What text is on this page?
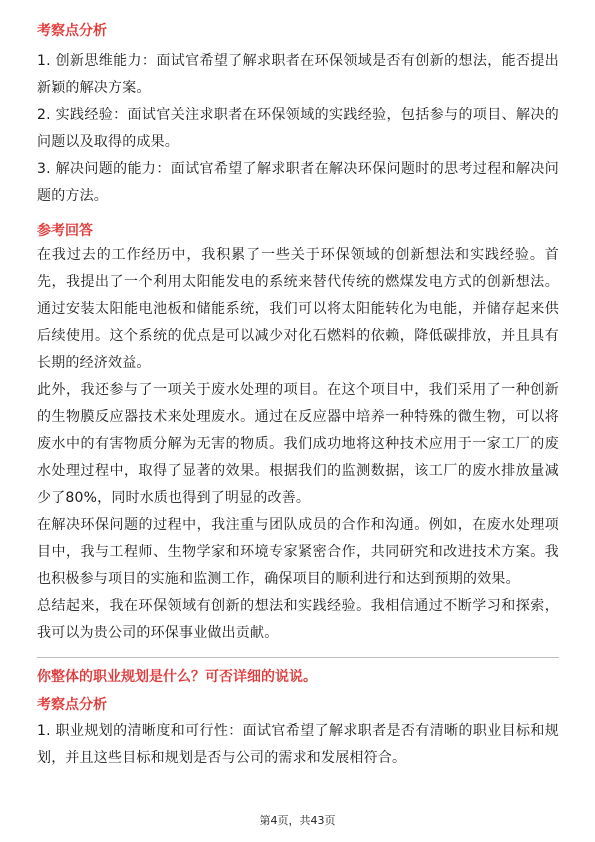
考察点分析

1. 创新思维能力：面试官希望了解求职者在环保领域是否有创新的想法，能否提出新颖的解决方案。

2. 实践经验：面试官关注求职者在环保领域的实践经验，包括参与的项目、解决的问题以及取得的成果。

3. 解决问题的能力：面试官希望了解求职者在解决环保问题时的思考过程和解决问题的方法。

参考回答

在我过去的工作经历中，我积累了一些关于环保领域的创新想法和实践经验。首先，我提出了一个利用太阳能发电的系统来替代传统的燃煤发电方式的创新想法。通过安装太阳能电池板和储能系统，我们可以将太阳能转化为电能，并储存起来供后续使用。这个系统的优点是可以减少对化石燃料的依赖，降低碳排放，并且具有长期的经济效益。

此外，我还参与了一项关于废水处理的项目。在这个项目中，我们采用了一种创新的生物膜反应器技术来处理废水。通过在反应器中培养一种特殊的微生物，可以将废水中的有害物质分解为无害的物质。我们成功地将这种技术应用于一家工厂的废水处理过程中，取得了显著的效果。根据我们的监测数据，该工厂的废水排放量减少了80%，同时水质也得到了明显的改善。

在解决环保问题的过程中，我注重与团队成员的合作和沟通。例如，在废水处理项目中，我与工程师、生物学家和环境专家紧密合作，共同研究和改进技术方案。我也积极参与项目的实施和监测工作，确保项目的顺利进行和达到预期的效果。

总结起来，我在环保领域有创新的想法和实践经验。我相信通过不断学习和探索，我可以为贵公司的环保事业做出贡献。

你整体的职业规划是什么？可否详细的说说。

考察点分析

1. 职业规划的清晰度和可行性：面试官希望了解求职者是否有清晰的职业目标和规划，并且这些目标和规划是否与公司的需求和发展相符合。

第4页，共43页
